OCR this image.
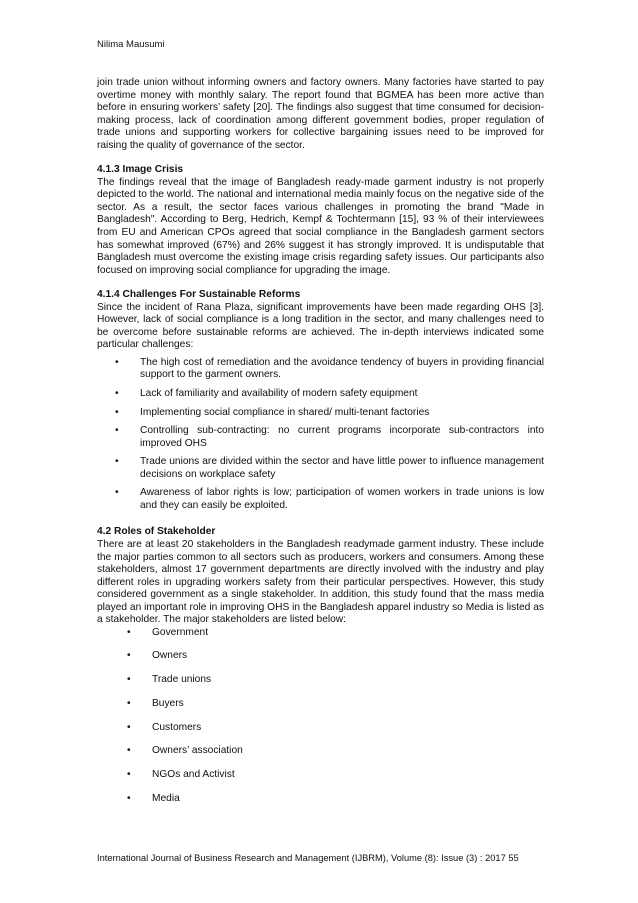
Nilima Mausumi

join trade union without informing owners and factory owners. Many factories have started to pay overtime money with monthly salary. The report found that BGMEA has been more active than before in ensuring workers’ safety [20]. The findings also suggest that time consumed for decision-making process, lack of coordination among different government bodies, proper regulation of trade unions and supporting workers for collective bargaining issues need to be improved for raising the quality of governance of the sector.

4.1.3 Image Crisis

The findings reveal that the image of Bangladesh ready-made garment industry is not properly depicted to the world. The national and international media mainly focus on the negative side of the sector. As a result, the sector faces various challenges in promoting the brand "Made in Bangladesh". According to Berg, Hedrich, Kempf & Tochtermann [15], 93 % of their interviewees from EU and American CPOs agreed that social compliance in the Bangladesh garment sectors has somewhat improved (67%) and 26% suggest it has strongly improved. It is undisputable that Bangladesh must overcome the existing image crisis regarding safety issues. Our participants also focused on improving social compliance for upgrading the image.

4.1.4 Challenges For Sustainable Reforms

Since the incident of Rana Plaza, significant improvements have been made regarding OHS [3]. However, lack of social compliance is a long tradition in the sector, and many challenges need to be overcome before sustainable reforms are achieved. The in-depth interviews indicated some particular challenges:

• The high cost of remediation and the avoidance tendency of buyers in providing financial support to the garment owners.
• Lack of familiarity and availability of modern safety equipment
• Implementing social compliance in shared/ multi-tenant factories
• Controlling sub-contracting: no current programs incorporate sub-contractors into improved OHS
• Trade unions are divided within the sector and have little power to influence management decisions on workplace safety
• Awareness of labor rights is low; participation of women workers in trade unions is low and they can easily be exploited.

4.2 Roles of Stakeholder

There are at least 20 stakeholders in the Bangladesh readymade garment industry. These include the major parties common to all sectors such as producers, workers and consumers. Among these stakeholders, almost 17 government departments are directly involved with the industry and play different roles in upgrading workers safety from their particular perspectives. However, this study considered government as a single stakeholder. In addition, this study found that the mass media played an important role in improving OHS in the Bangladesh apparel industry so Media is listed as a stakeholder. The major stakeholders are listed below:

• Government
• Owners
• Trade unions
• Buyers
• Customers
• Owners’ association
• NGOs and Activist
• Media
International Journal of Business Research and Management (IJBRM), Volume (8): Issue (3) : 2017 55
